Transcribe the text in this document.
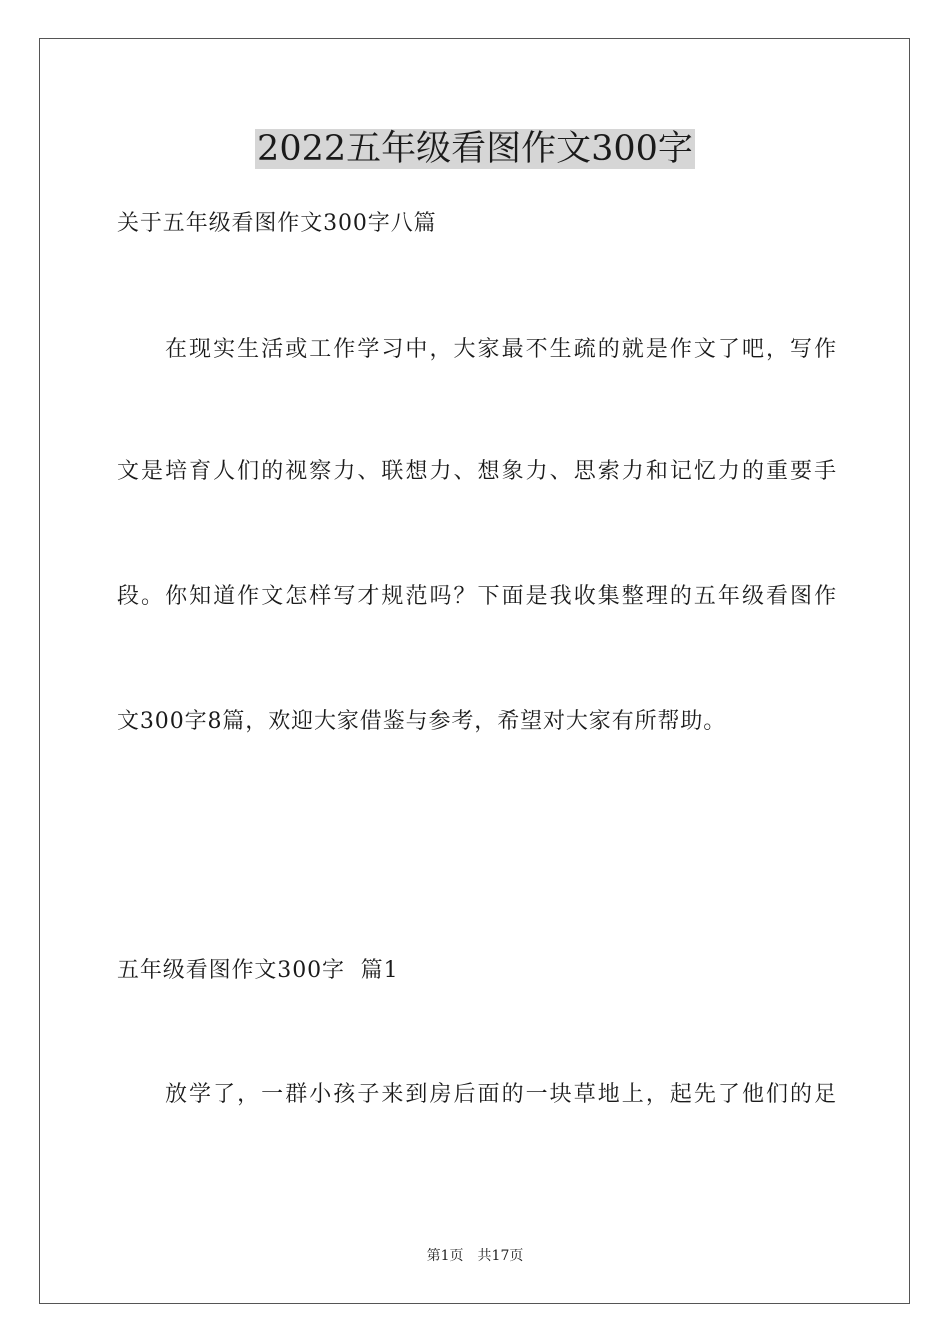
2022五年级看图作文300字
关于五年级看图作文300字八篇
在现实生活或工作学习中，大家最不生疏的就是作文了吧，写作
文是培育人们的视察力、联想力、想象力、思索力和记忆力的重要手
段。你知道作文怎样写才规范吗？下面是我收集整理的五年级看图作
文300字8篇，欢迎大家借鉴与参考，希望对大家有所帮助。
五年级看图作文300字  篇1
放学了，一群小孩子来到房后面的一块草地上，起先了他们的足
第1页 共17页
